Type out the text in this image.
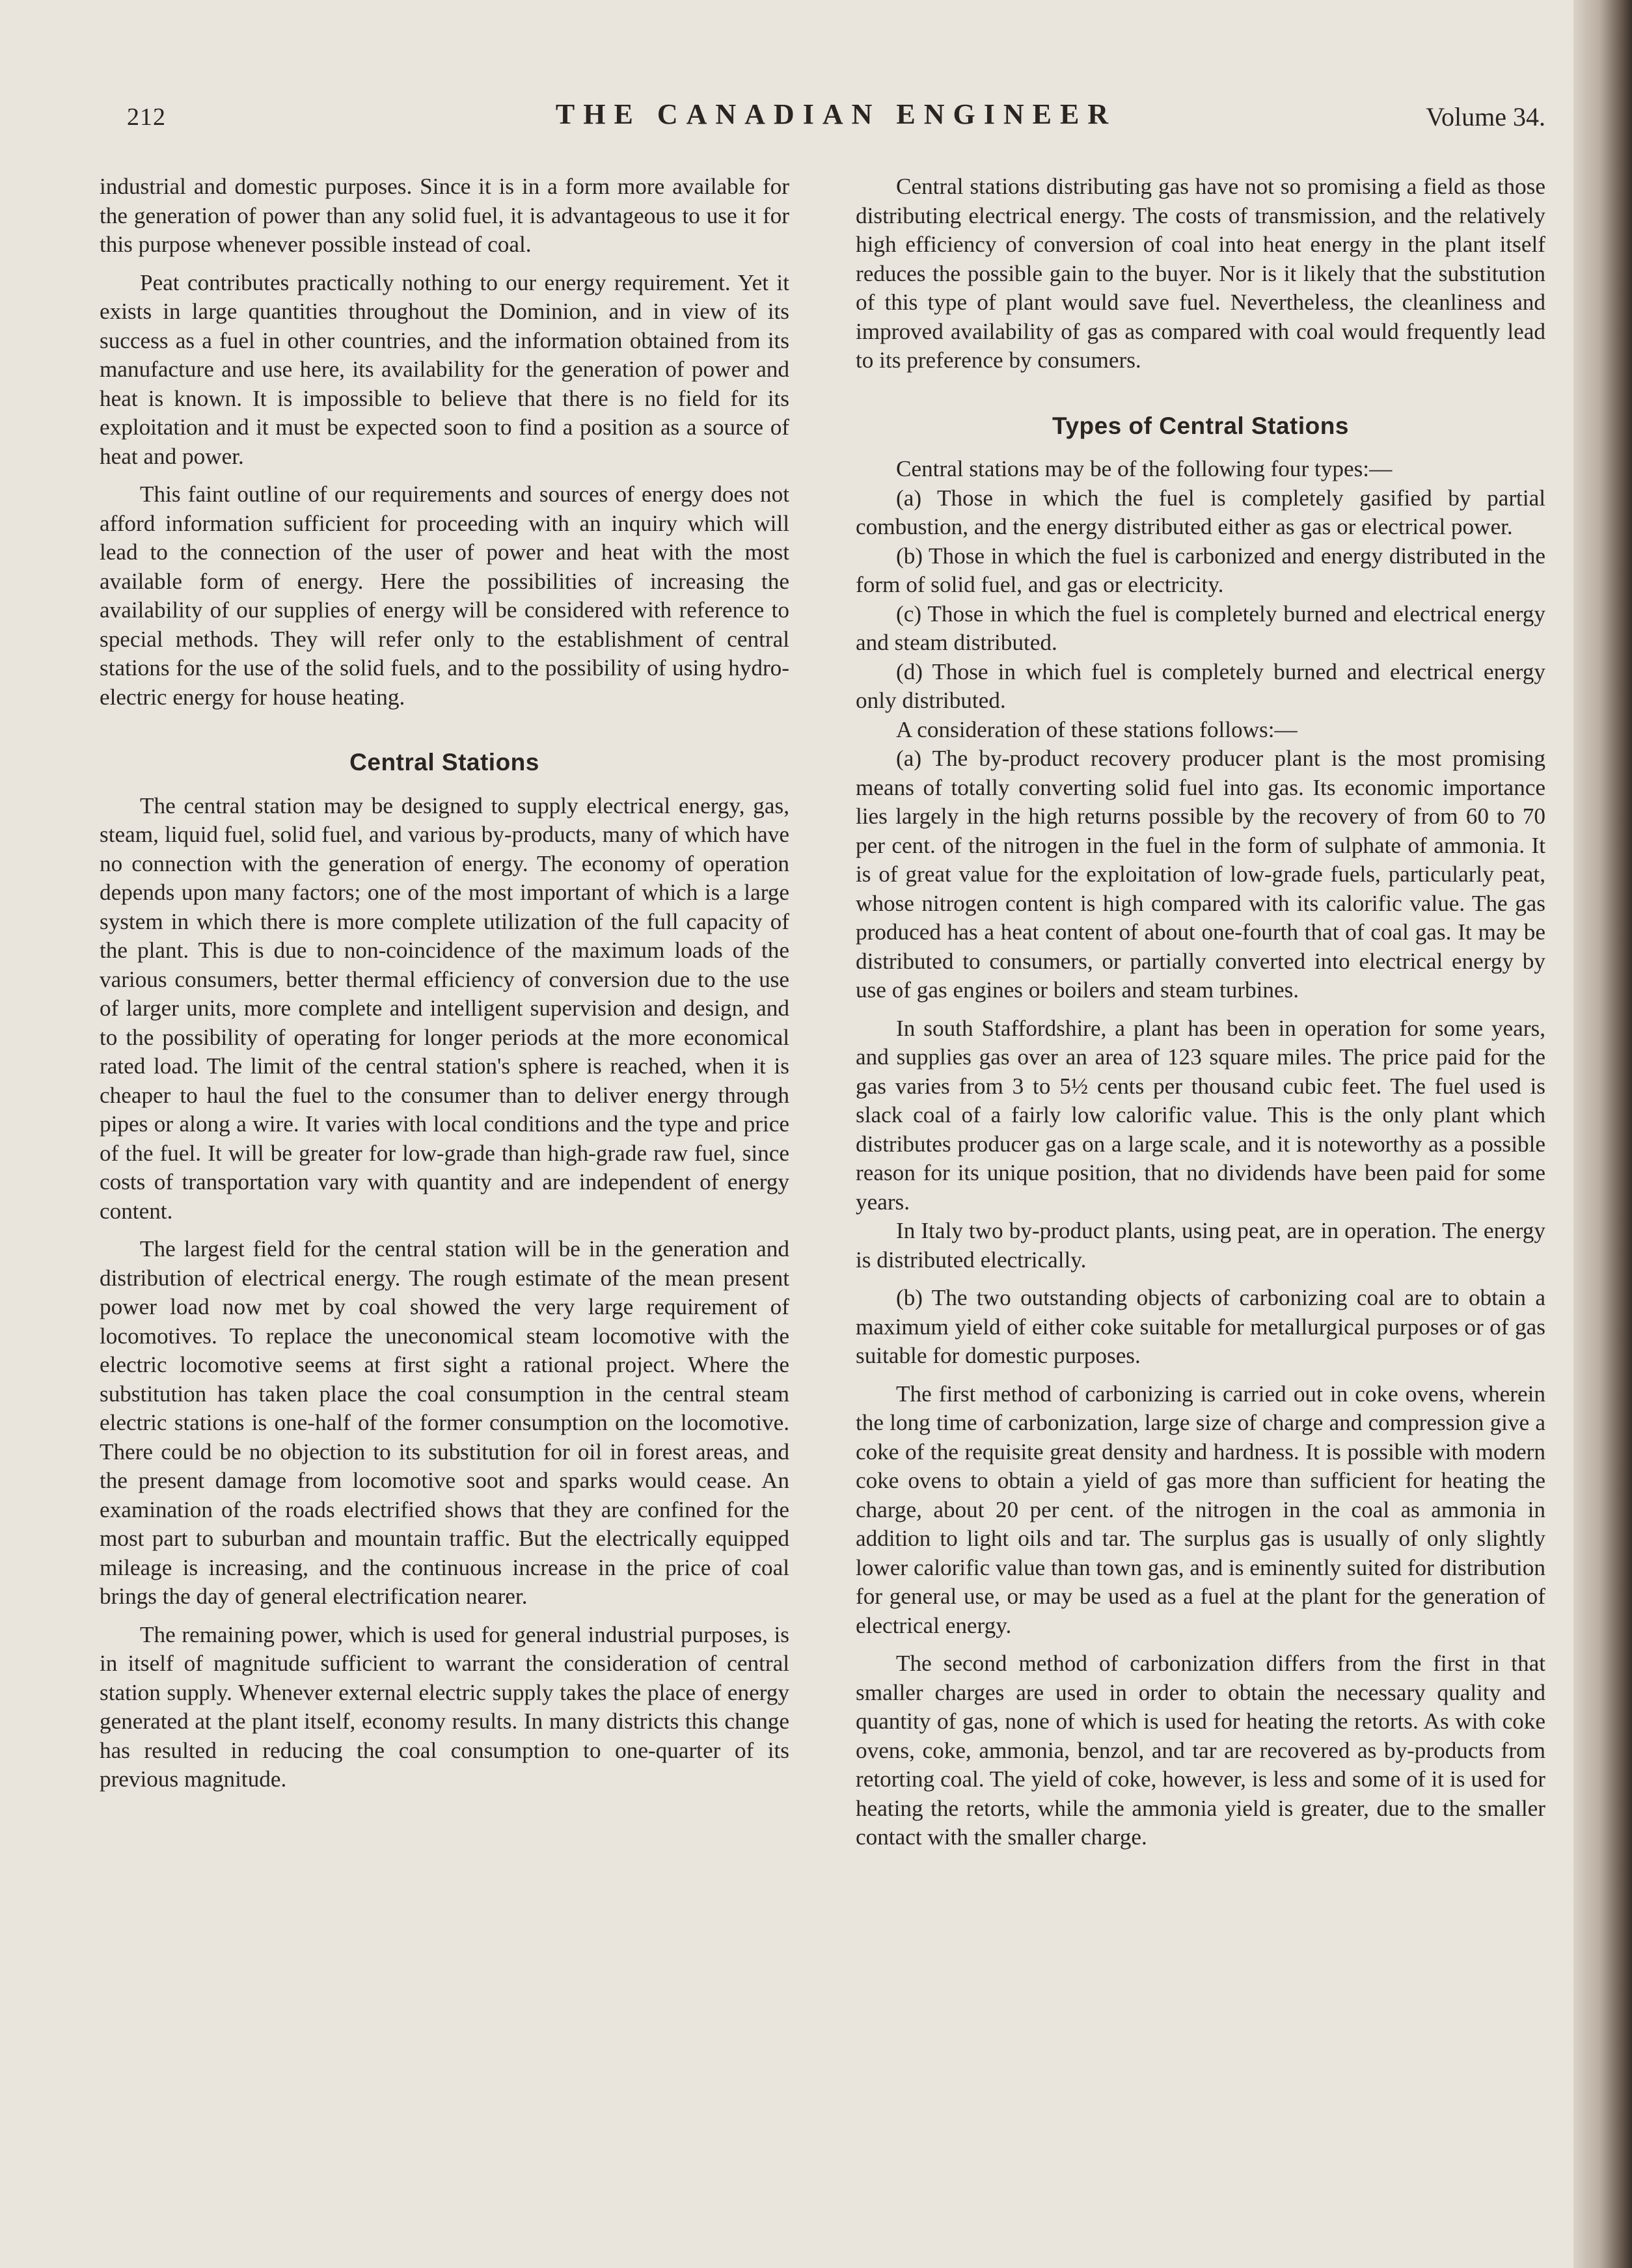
212	THE CANADIAN ENGINEER	Volume 34.

industrial and domestic purposes. Since it is in a form more available for the generation of power than any solid fuel, it is advantageous to use it for this purpose whenever possible instead of coal.

Peat contributes practically nothing to our energy requirement. Yet it exists in large quantities throughout the Dominion, and in view of its success as a fuel in other countries, and the information obtained from its manufacture and use here, its availability for the generation of power and heat is known. It is impossible to believe that there is no field for its exploitation and it must be expected soon to find a position as a source of heat and power.

This faint outline of our requirements and sources of energy does not afford information sufficient for proceeding with an inquiry which will lead to the connection of the user of power and heat with the most available form of energy. Here the possibilities of increasing the availability of our supplies of energy will be considered with reference to special methods. They will refer only to the establishment of central stations for the use of the solid fuels, and to the possibility of using hydro-electric energy for house heating.

Central Stations

The central station may be designed to supply electrical energy, gas, steam, liquid fuel, solid fuel, and various by-products, many of which have no connection with the generation of energy. The economy of operation depends upon many factors; one of the most important of which is a large system in which there is more complete utilization of the full capacity of the plant. This is due to non-coincidence of the maximum loads of the various consumers, better thermal efficiency of conversion due to the use of larger units, more complete and intelligent supervision and design, and to the possibility of operating for longer periods at the more economical rated load. The limit of the central station's sphere is reached, when it is cheaper to haul the fuel to the consumer than to deliver energy through pipes or along a wire. It varies with local conditions and the type and price of the fuel. It will be greater for low-grade than high-grade raw fuel, since costs of transportation vary with quantity and are independent of energy content.

The largest field for the central station will be in the generation and distribution of electrical energy. The rough estimate of the mean present power load now met by coal showed the very large requirement of locomotives. To replace the uneconomical steam locomotive with the electric locomotive seems at first sight a rational project. Where the substitution has taken place the coal consumption in the central steam electric stations is one-half of the former consumption on the locomotive. There could be no objection to its substitution for oil in forest areas, and the present damage from locomotive soot and sparks would cease. An examination of the roads electrified shows that they are confined for the most part to suburban and mountain traffic. But the electrically equipped mileage is increasing, and the continuous increase in the price of coal brings the day of general electrification nearer.

The remaining power, which is used for general industrial purposes, is in itself of magnitude sufficient to warrant the consideration of central station supply. Whenever external electric supply takes the place of energy generated at the plant itself, economy results. In many districts this change has resulted in reducing the coal consumption to one-quarter of its previous magnitude.

Central stations distributing gas have not so promising a field as those distributing electrical energy. The costs of transmission, and the relatively high efficiency of conversion of coal into heat energy in the plant itself reduces the possible gain to the buyer. Nor is it likely that the substitution of this type of plant would save fuel. Nevertheless, the cleanliness and improved availability of gas as compared with coal would frequently lead to its preference by consumers.

Types of Central Stations

Central stations may be of the following four types:—

(a) Those in which the fuel is completely gasified by partial combustion, and the energy distributed either as gas or electrical power.

(b) Those in which the fuel is carbonized and energy distributed in the form of solid fuel, and gas or electricity.

(c) Those in which the fuel is completely burned and electrical energy and steam distributed.

(d) Those in which fuel is completely burned and electrical energy only distributed.

A consideration of these stations follows:—

(a) The by-product recovery producer plant is the most promising means of totally converting solid fuel into gas. Its economic importance lies largely in the high returns possible by the recovery of from 60 to 70 per cent. of the nitrogen in the fuel in the form of sulphate of ammonia. It is of great value for the exploitation of low-grade fuels, particularly peat, whose nitrogen content is high compared with its calorific value. The gas produced has a heat content of about one-fourth that of coal gas. It may be distributed to consumers, or partially converted into electrical energy by use of gas engines or boilers and steam turbines.

In south Staffordshire, a plant has been in operation for some years, and supplies gas over an area of 123 square miles. The price paid for the gas varies from 3 to 5½ cents per thousand cubic feet. The fuel used is slack coal of a fairly low calorific value. This is the only plant which distributes producer gas on a large scale, and it is noteworthy as a possible reason for its unique position, that no dividends have been paid for some years.

In Italy two by-product plants, using peat, are in operation. The energy is distributed electrically.

(b) The two outstanding objects of carbonizing coal are to obtain a maximum yield of either coke suitable for metallurgical purposes or of gas suitable for domestic purposes.

The first method of carbonizing is carried out in coke ovens, wherein the long time of carbonization, large size of charge and compression give a coke of the requisite great density and hardness. It is possible with modern coke ovens to obtain a yield of gas more than sufficient for heating the charge, about 20 per cent. of the nitrogen in the coal as ammonia in addition to light oils and tar. The surplus gas is usually of only slightly lower calorific value than town gas, and is eminently suited for distribution for general use, or may be used as a fuel at the plant for the generation of electrical energy.

The second method of carbonization differs from the first in that smaller charges are used in order to obtain the necessary quality and quantity of gas, none of which is used for heating the retorts. As with coke ovens, coke, ammonia, benzol, and tar are recovered as by-products from retorting coal. The yield of coke, however, is less and some of it is used for heating the retorts, while the ammonia yield is greater, due to the smaller contact with the smaller charge.
